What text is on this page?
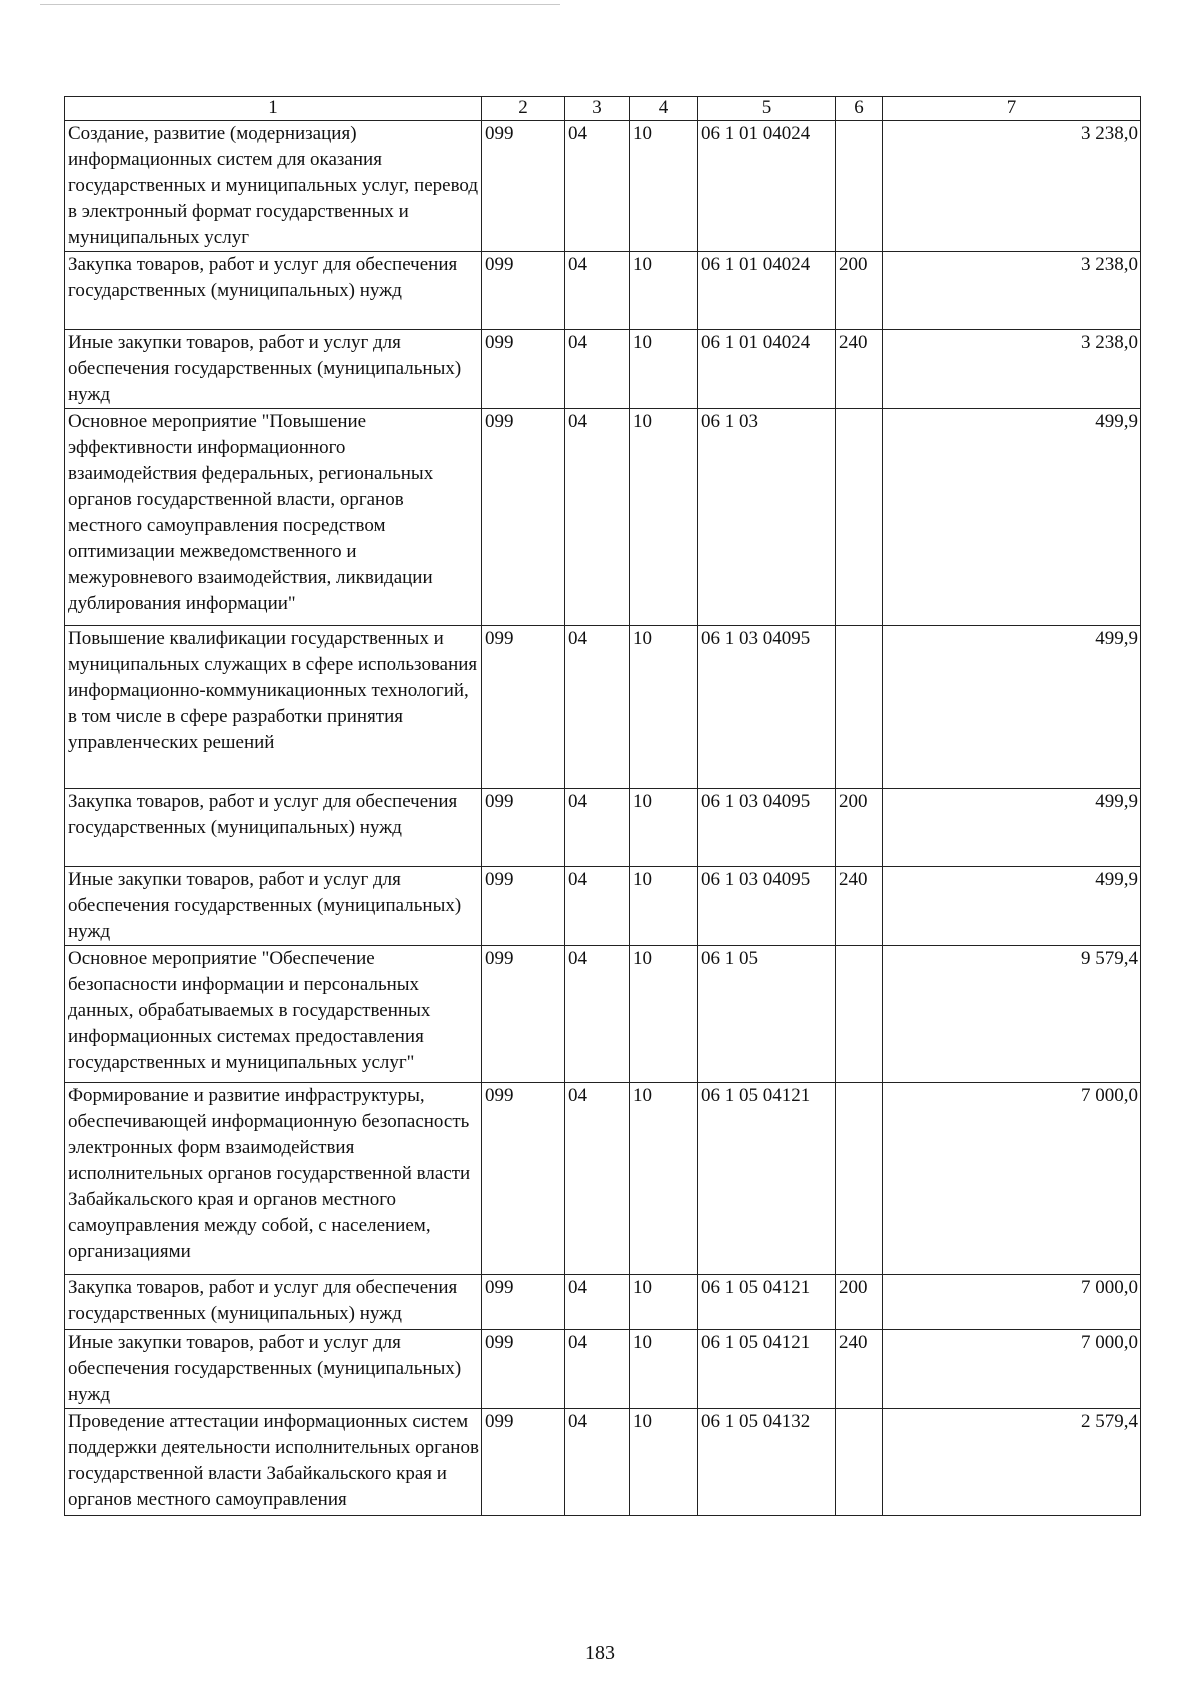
1	2	3	4	5	6	7
Создание, развитие (модернизация) информационных систем для оказания государственных и муниципальных услуг, перевод в электронный формат государственных и муниципальных услуг	099	04	10	06 1 01 04024		3 238,0
Закупка товаров, работ и услуг для обеспечения государственных (муниципальных) нужд	099	04	10	06 1 01 04024	200	3 238,0
Иные закупки товаров, работ и услуг для обеспечения государственных (муниципальных) нужд	099	04	10	06 1 01 04024	240	3 238,0
Основное мероприятие "Повышение эффективности информационного взаимодействия федеральных, региональных органов государственной власти, органов местного самоуправления посредством оптимизации межведомственного и межуровневого взаимодействия, ликвидации дублирования информации"	099	04	10	06 1 03		499,9
Повышение квалификации государственных и муниципальных служащих в сфере использования информационно-коммуникационных технологий, в том числе в сфере разработки принятия управленческих решений	099	04	10	06 1 03 04095		499,9
Закупка товаров, работ и услуг для обеспечения государственных (муниципальных) нужд	099	04	10	06 1 03 04095	200	499,9
Иные закупки товаров, работ и услуг для обеспечения государственных (муниципальных) нужд	099	04	10	06 1 03 04095	240	499,9
Основное мероприятие "Обеспечение безопасности информации и персональных данных, обрабатываемых в государственных информационных системах предоставления государственных и муниципальных услуг"	099	04	10	06 1 05		9 579,4
Формирование и развитие инфраструктуры, обеспечивающей информационную безопасность электронных форм взаимодействия исполнительных органов государственной власти Забайкальского края и органов местного самоуправления между собой, с населением, организациями	099	04	10	06 1 05 04121		7 000,0
Закупка товаров, работ и услуг для обеспечения государственных (муниципальных) нужд	099	04	10	06 1 05 04121	200	7 000,0
Иные закупки товаров, работ и услуг для обеспечения государственных (муниципальных) нужд	099	04	10	06 1 05 04121	240	7 000,0
Проведение аттестации информационных систем поддержки деятельности исполнительных органов государственной власти Забайкальского края и органов местного самоуправления	099	04	10	06 1 05 04132		2 579,4
183
